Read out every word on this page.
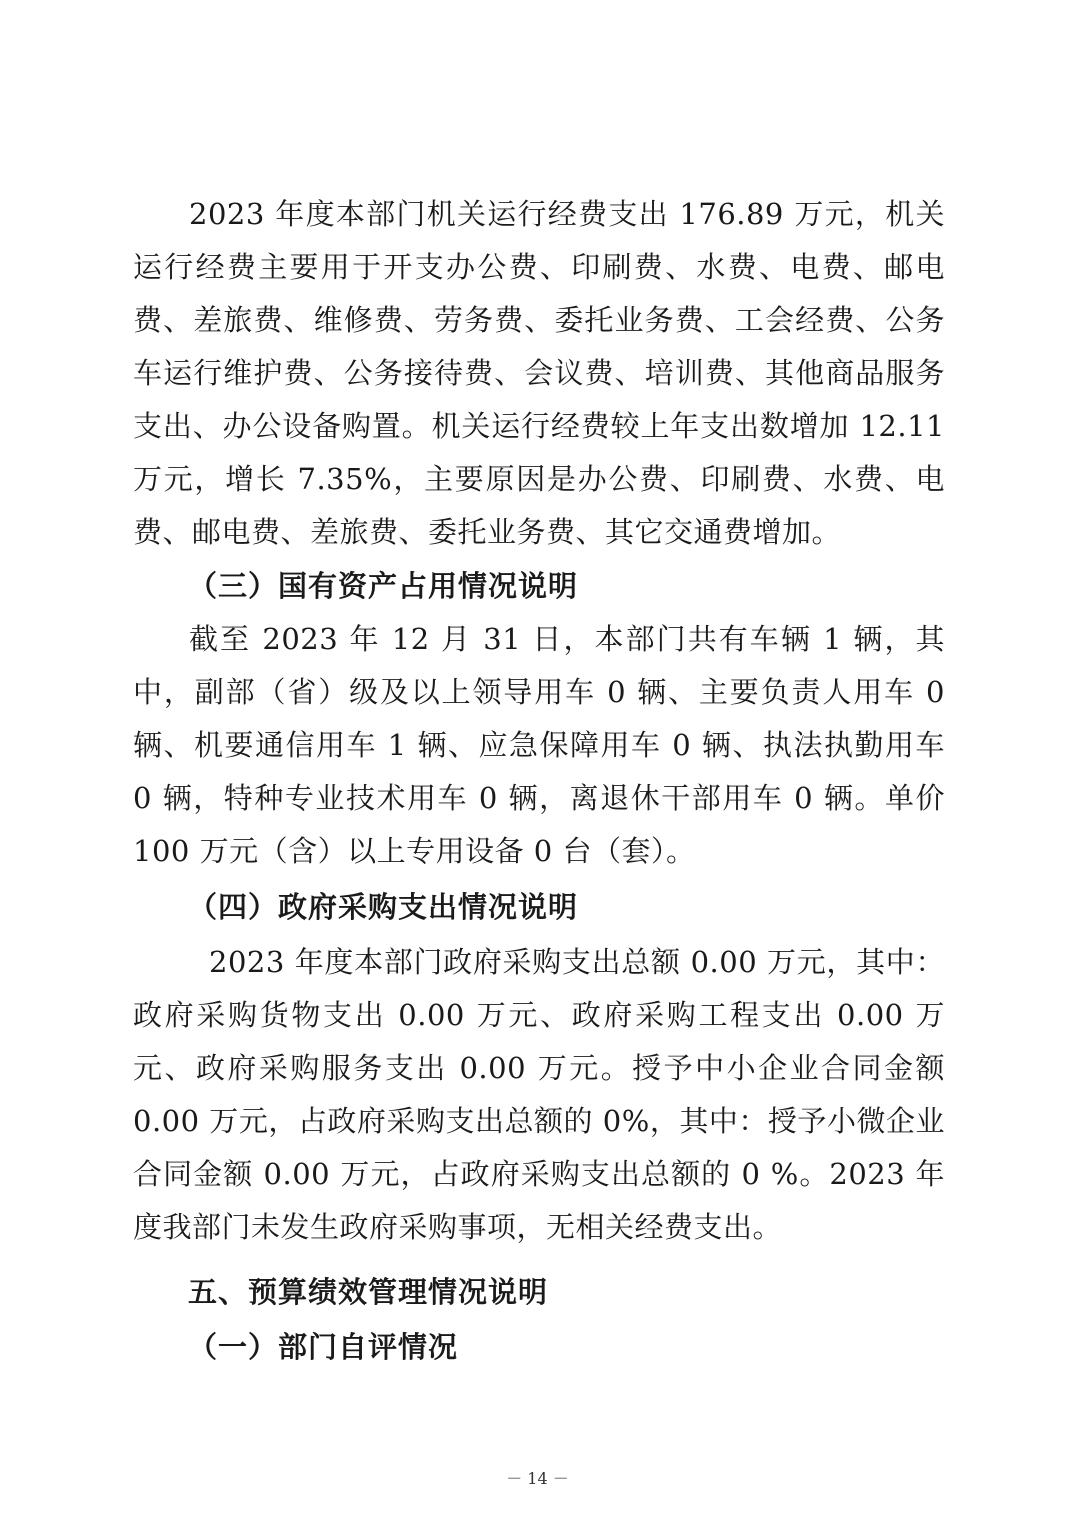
2023 年度本部门机关运行经费支出 176.89 万元，机关运行经费主要用于开支办公费、印刷费、水费、电费、邮电费、差旅费、维修费、劳务费、委托业务费、工会经费、公务车运行维护费、公务接待费、会议费、培训费、其他商品服务支出、办公设备购置。机关运行经费较上年支出数增加 12.11 万元，增长 7.35%，主要原因是办公费、印刷费、水费、电费、邮电费、差旅费、委托业务费、其它交通费增加。

（三）国有资产占用情况说明

截至 2023 年 12 月 31 日，本部门共有车辆 1 辆，其中，副部（省）级及以上领导用车 0 辆、主要负责人用车 0 辆、机要通信用车 1 辆、应急保障用车 0 辆、执法执勤用车 0 辆，特种专业技术用车 0 辆，离退休干部用车 0 辆。单价 100 万元（含）以上专用设备 0 台（套）。

（四）政府采购支出情况说明

2023 年度本部门政府采购支出总额 0.00 万元，其中：政府采购货物支出 0.00 万元、政府采购工程支出 0.00 万元、政府采购服务支出 0.00 万元。授予中小企业合同金额 0.00 万元，占政府采购支出总额的 0%，其中：授予小微企业合同金额 0.00 万元，占政府采购支出总额的 0 %。2023 年度我部门未发生政府采购事项，无相关经费支出。

五、预算绩效管理情况说明
（一）部门自评情况
－ 14 －
